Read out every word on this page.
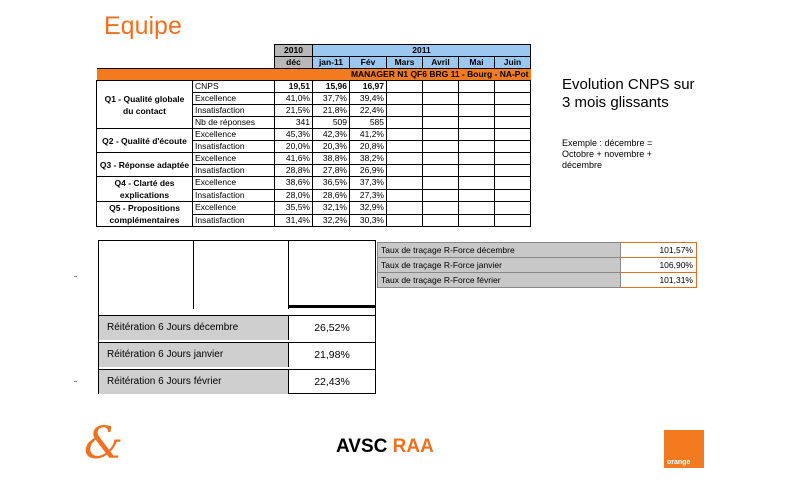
Equipe
		2010	2011					
		déc	jan-11	Fév	Mars	Avril	Mai	Juin
MANAGER N1 QF6 BRG 11 - Bourg - NA-Pot								
Q1 - Qualité globale du contact	CNPS	19,51	15,96	16,97				
	Excellence	41,0%	37,7%	39,4%				
	Insatisfaction	21,5%	21,8%	22,4%				
	Nb de réponses	341	509	585				
Q2 - Qualité d'écoute	Excellence	45,3%	42,3%	41,2%				
	Insatisfaction	20,0%	20,3%	20,8%				
Q3 - Réponse adaptée	Excellence	41,6%	38,8%	38,2%				
	Insatisfaction	28,8%	27,8%	26,9%				
Q4 - Clarté des explications	Excellence	38,6%	36,5%	37,3%				
	Insatisfaction	28,0%	28,6%	27,3%				
Q5 - Propositions complémentaires	Excellence	35,5%	32,1%	32,9%				
	Insatisfaction	31,4%	32,2%	30,3%				
Evolution CNPS sur 3 mois glissants
Exemple : décembre = Octobre + novembre + décembre
Taux de traçage R-Force décembre	101,57%
Taux de traçage R-Force janvier	106,90%
Taux de traçage R-Force février	101,31%
Réitération 6 Jours décembre	26,52%
Réitération 6 Jours janvier	21,98%
Réitération 6 Jours février	22,43%
&	AVSC RAA
orange
